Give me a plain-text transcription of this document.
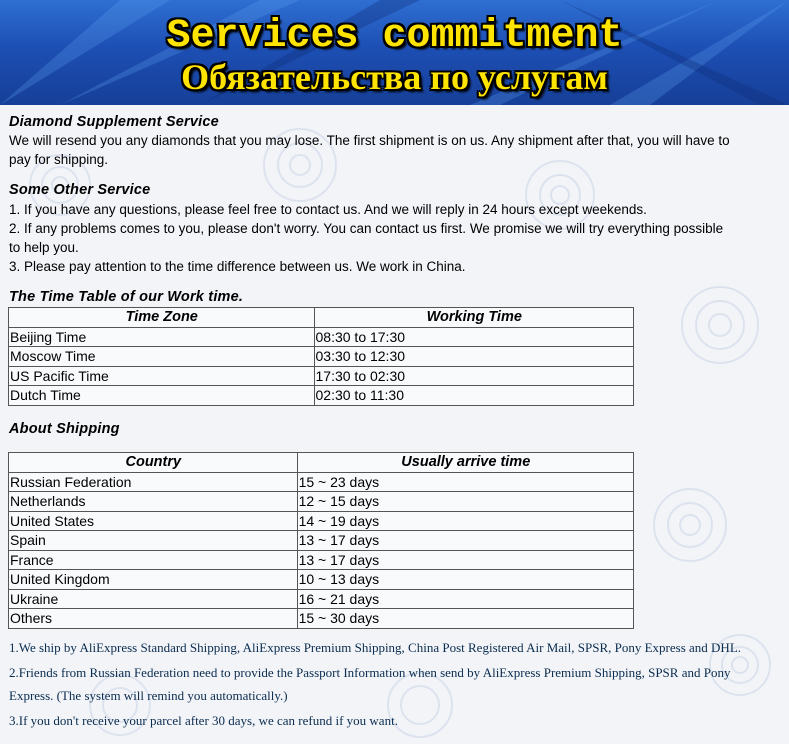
Services commitment
Обязательства по услугам
Diamond Supplement Service

We will resend you any diamonds that you may lose. The first shipment is on us. Any shipment after that, you will have to

pay for shipping.

Some Other Service

1. If you have any questions, please feel free to contact us. And we will reply in 24 hours except weekends.

2. If any problems comes to you, please don't worry. You can contact us first. We promise we will try everything possible

to help you.

3. Please pay attention to the time difference between us. We work in China.

The Time Table of our Work time.
Time Zone	Working Time
Beijing Time	08:30 to 17:30
Moscow Time	03:30 to 12:30
US Pacific Time	17:30 to 02:30
Dutch Time	02:30 to 11:30
About Shipping
Country	Usually arrive time
Russian Federation	15 ~ 23 days
Netherlands	12 ~ 15 days
United States	14 ~ 19 days
Spain	13 ~ 17 days
France	13 ~ 17 days
United Kingdom	10 ~ 13 days
Ukraine	16 ~ 21 days
Others	15 ~ 30 days

1.We ship by AliExpress Standard Shipping, AliExpress Premium Shipping, China Post Registered Air Mail, SPSR, Pony Express and DHL.

2.Friends from Russian Federation need to provide the Passport Information when send by AliExpress Premium Shipping, SPSR and Pony

Express. (The system will remind you automatically.)

3.If you don't receive your parcel after 30 days, we can refund if you want.
